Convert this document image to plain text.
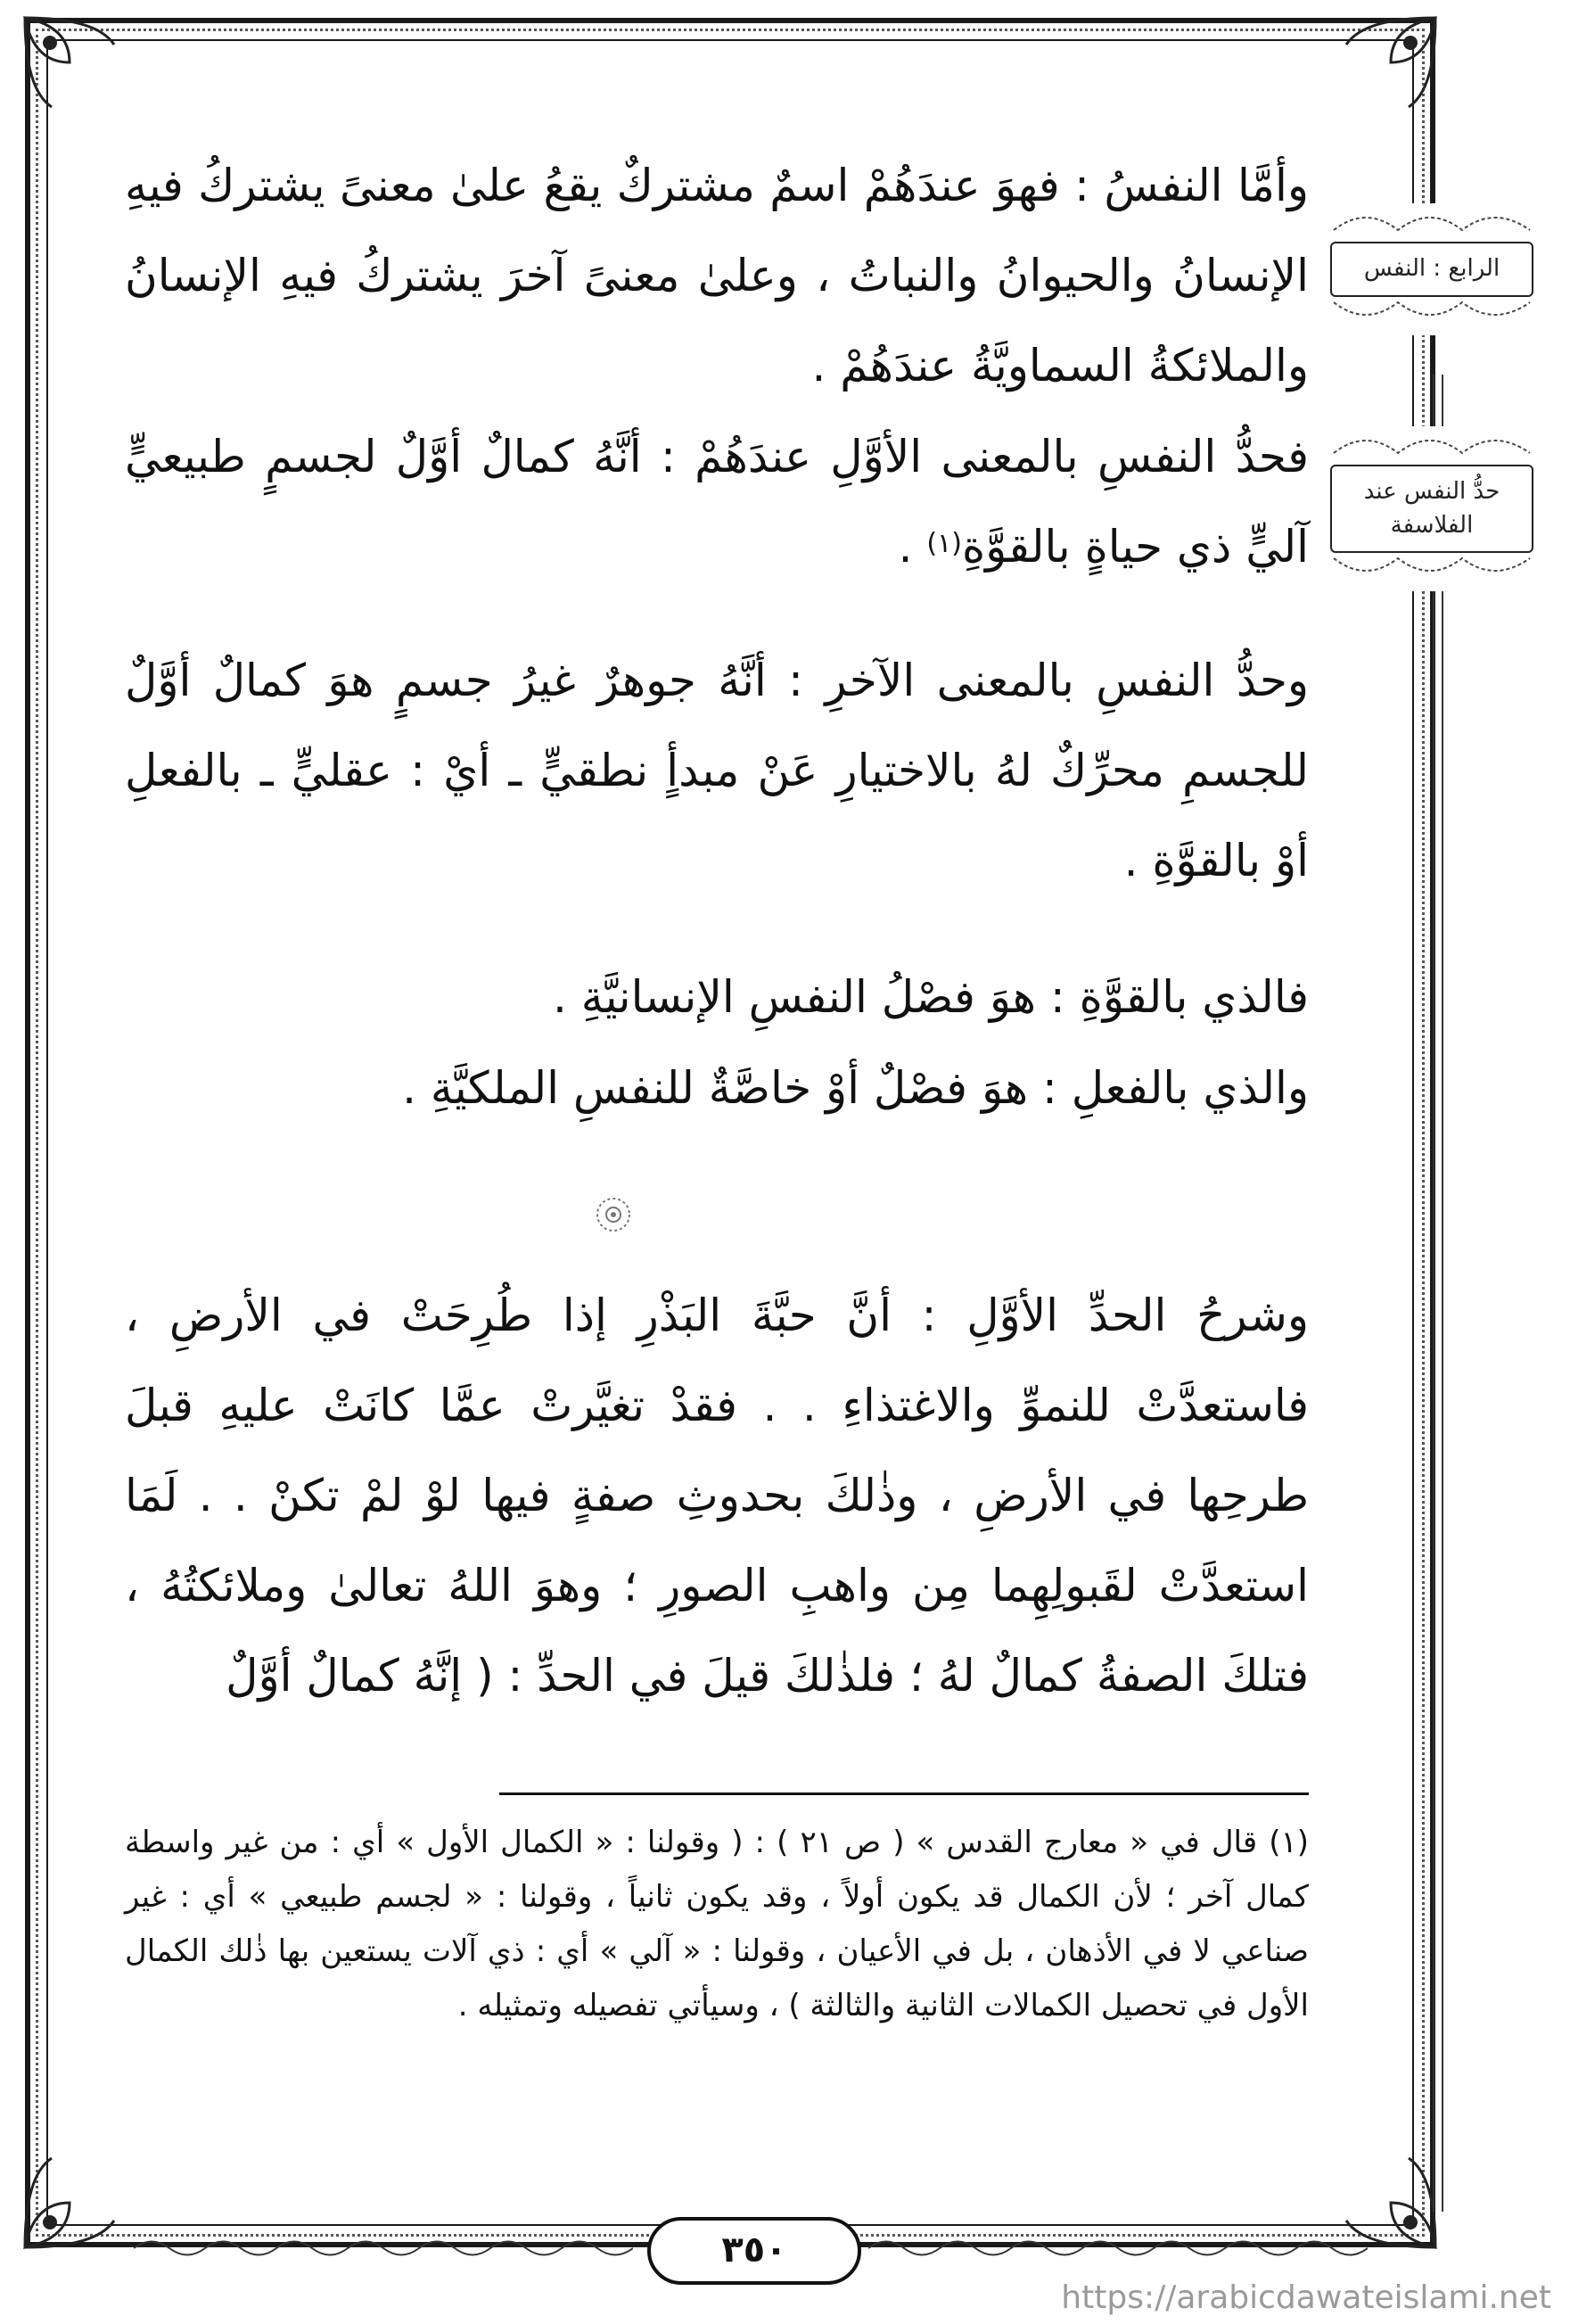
الرابع : النفس
حدُّ النفس عند الفلاسفة
وأمَّا النفسُ : فهوَ عندَهُمْ اسمٌ مشتركٌ يقعُ علىٰ معنىً يشتركُ فيهِ الإنسانُ والحيوانُ والنباتُ ، وعلىٰ معنىً آخرَ يشتركُ فيهِ الإنسانُ والملائكةُ السماويَّةُ عندَهُمْ .
فحدُّ النفسِ بالمعنى الأوَّلِ عندَهُمْ : أنَّهُ كمالٌ أوَّلٌ لجسمٍ طبيعيٍّ آليٍّ ذي حياةٍ بالقوَّةِ$^{(١)}$ .
وحدُّ النفسِ بالمعنى الآخرِ : أنَّهُ جوهرٌ غيرُ جسمٍ هوَ كمالٌ أوَّلٌ للجسمِ محرِّكٌ لهُ بالاختيارِ عَنْ مبدأٍ نطقيٍّ ـ أيْ : عقليٍّ ـ بالفعلِ أوْ بالقوَّةِ .
فالذي بالقوَّةِ : هوَ فصْلُ النفسِ الإنسانيَّةِ .
والذي بالفعلِ : هوَ فصْلٌ أوْ خاصَّةٌ للنفسِ الملكيَّةِ .
وشرحُ الحدِّ الأوَّلِ : أنَّ حبَّةَ البَذْرِ إذا طُرِحَتْ في الأرضِ ، فاستعدَّتْ للنموِّ والاغتذاءِ . . فقدْ تغيَّرتْ عمَّا كانَتْ عليهِ قبلَ طرحِها في الأرضِ ، وذٰلكَ بحدوثِ صفةٍ فيها لوْ لمْ تكنْ . . لَمَا استعدَّتْ لقَبولِهِما مِن واهبِ الصورِ ؛ وهوَ اللهُ تعالىٰ وملائكتُهُ ، فتلكَ الصفةُ كمالٌ لهُ ؛ فلذٰلكَ قيلَ في الحدِّ : ( إنَّهُ كمالٌ أوَّلٌ
(١) قال في « معارج القدس » ( ص ٢١ ) : ( وقولنا : « الكمال الأول » أي : من غير واسطة كمال آخر ؛ لأن الكمال قد يكون أولاً ، وقد يكون ثانياً ، وقولنا : « لجسم طبيعي » أي : غير صناعي لا في الأذهان ، بل في الأعيان ، وقولنا : « آلي » أي : ذي آلات يستعين بها ذٰلك الكمال الأول في تحصيل الكمالات الثانية والثالثة ) ، وسيأتي تفصيله وتمثيله .
٣٥٠
https://arabicdawateislami.net
